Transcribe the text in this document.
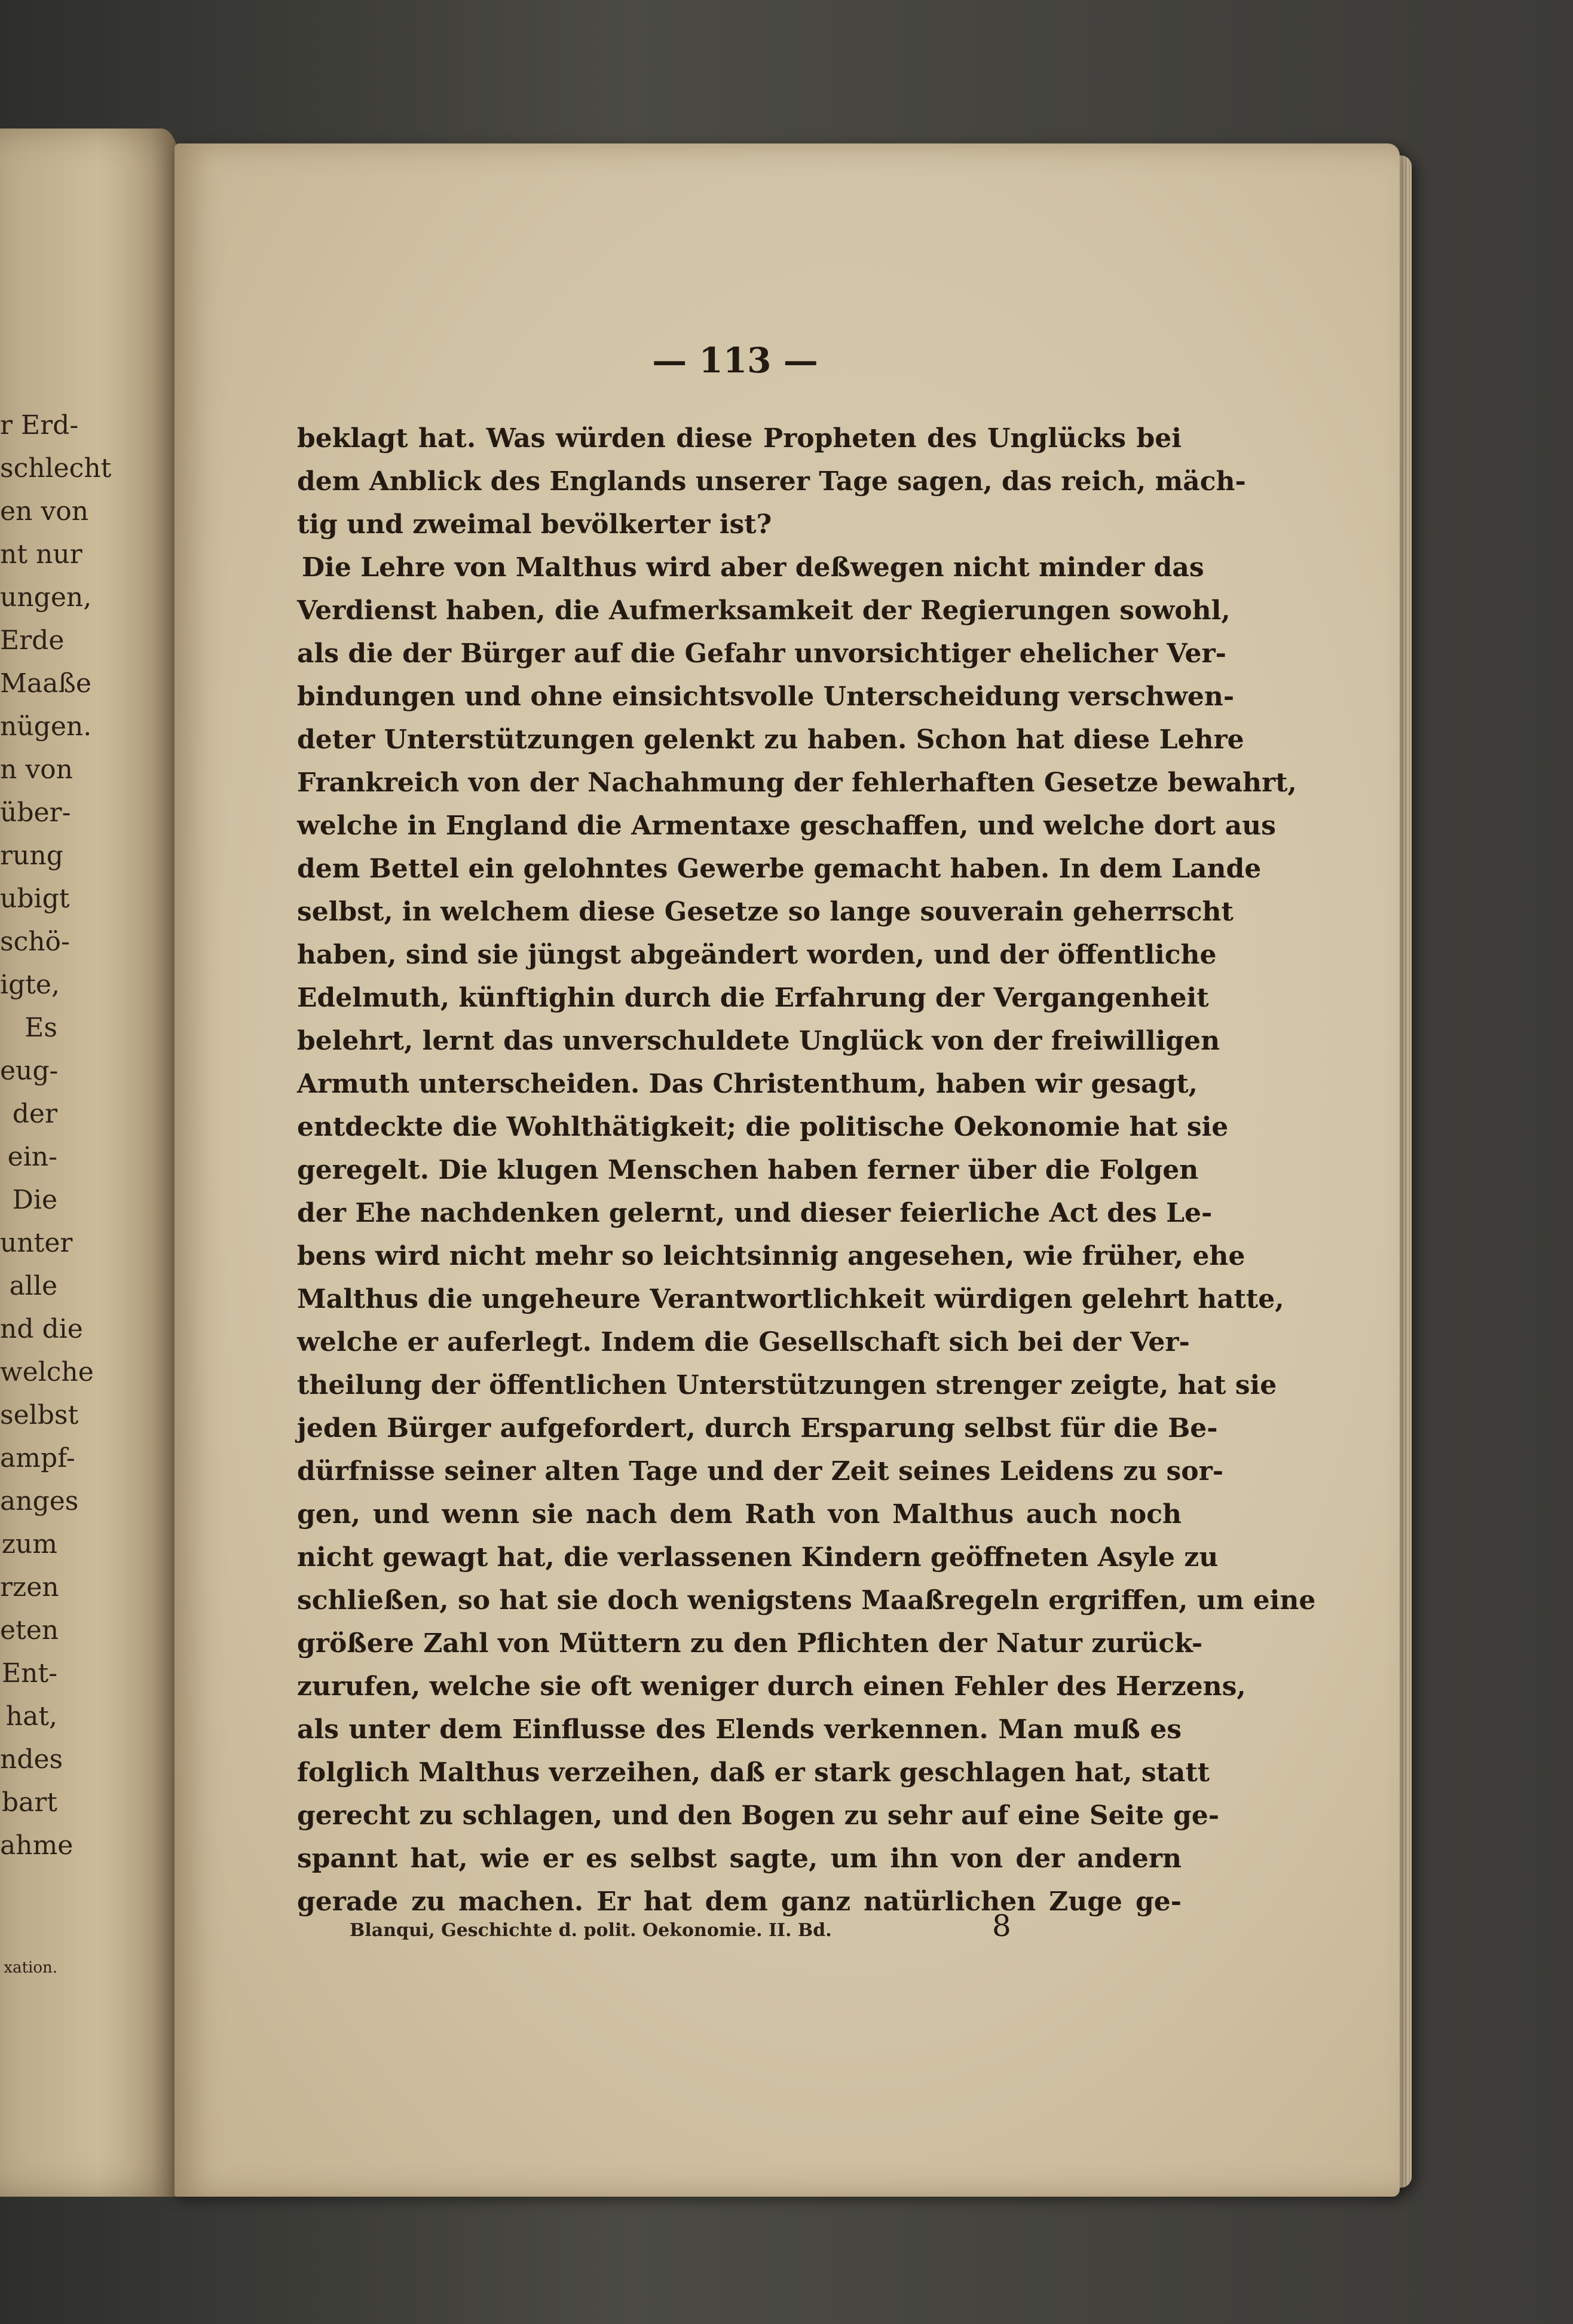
r Erd-
schlecht
en von
nt nur
ungen,
Erde
Maaße
nügen.
n von
über-
rung
ubigt
schö-
igte,
Es
eug-
der
ein-
Die
unter
alle
nd die
welche
selbst
ampf-
anges
zum
rzen
eten
Ent-
hat,
ndes
bart
ahme
xation.
— 113 —
beklagt hat. Was würden diese Propheten des Unglücks bei
dem Anblick des Englands unserer Tage sagen, das reich, mäch-
tig und zweimal bevölkerter ist?
Die Lehre von Malthus wird aber deßwegen nicht minder das
Verdienst haben, die Aufmerksamkeit der Regierungen sowohl,
als die der Bürger auf die Gefahr unvorsichtiger ehelicher Ver-
bindungen und ohne einsichtsvolle Unterscheidung verschwen-
deter Unterstützungen gelenkt zu haben. Schon hat diese Lehre
Frankreich von der Nachahmung der fehlerhaften Gesetze bewahrt,
welche in England die Armentaxe geschaffen, und welche dort aus
dem Bettel ein gelohntes Gewerbe gemacht haben. In dem Lande
selbst, in welchem diese Gesetze so lange souverain geherrscht
haben, sind sie jüngst abgeändert worden, und der öffentliche
Edelmuth, künftighin durch die Erfahrung der Vergangenheit
belehrt, lernt das unverschuldete Unglück von der freiwilligen
Armuth unterscheiden. Das Christenthum, haben wir gesagt,
entdeckte die Wohlthätigkeit; die politische Oekonomie hat sie
geregelt. Die klugen Menschen haben ferner über die Folgen
der Ehe nachdenken gelernt, und dieser feierliche Act des Le-
bens wird nicht mehr so leichtsinnig angesehen, wie früher, ehe
Malthus die ungeheure Verantwortlichkeit würdigen gelehrt hatte,
welche er auferlegt. Indem die Gesellschaft sich bei der Ver-
theilung der öffentlichen Unterstützungen strenger zeigte, hat sie
jeden Bürger aufgefordert, durch Ersparung selbst für die Be-
dürfnisse seiner alten Tage und der Zeit seines Leidens zu sor-
gen, und wenn sie nach dem Rath von Malthus auch noch
nicht gewagt hat, die verlassenen Kindern geöffneten Asyle zu
schließen, so hat sie doch wenigstens Maaßregeln ergriffen, um eine
größere Zahl von Müttern zu den Pflichten der Natur zurück-
zurufen, welche sie oft weniger durch einen Fehler des Herzens,
als unter dem Einflusse des Elends verkennen. Man muß es
folglich Malthus verzeihen, daß er stark geschlagen hat, statt
gerecht zu schlagen, und den Bogen zu sehr auf eine Seite ge-
spannt hat, wie er es selbst sagte, um ihn von der andern
gerade zu machen. Er hat dem ganz natürlichen Zuge ge-
Blanqui, Geschichte d. polit. Oekonomie. II. Bd.	8
